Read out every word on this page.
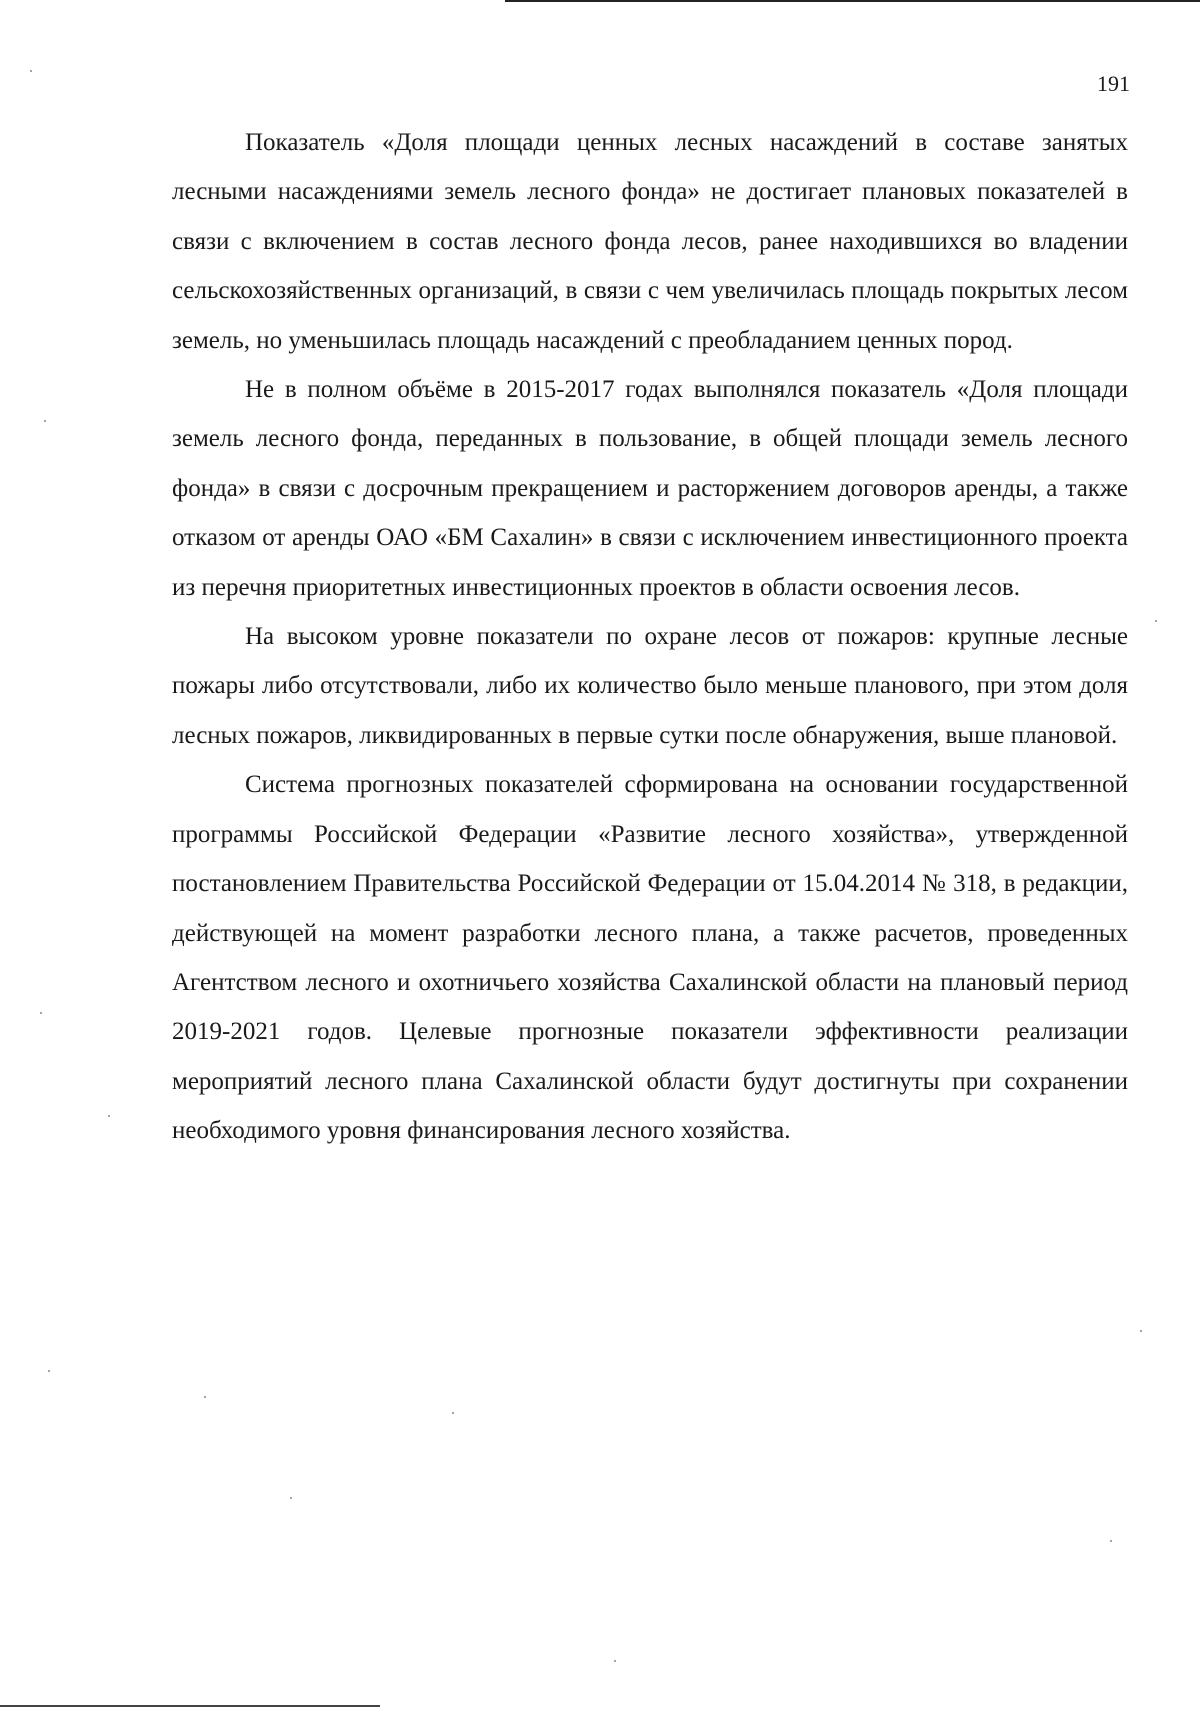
191

Показатель «Доля площади ценных лесных насаждений в составе занятых лесными насаждениями земель лесного фонда» не достигает плановых показателей в связи с включением в состав лесного фонда лесов, ранее находившихся во владении сельскохозяйственных организаций, в связи с чем увеличилась площадь покрытых лесом земель, но уменьшилась площадь насаждений с преобладанием ценных пород.

Не в полном объёме в 2015-2017 годах выполнялся показатель «Доля площади земель лесного фонда, переданных в пользование, в общей площади земель лесного фонда» в связи с досрочным прекращением и расторжением договоров аренды, а также отказом от аренды ОАО «БМ Сахалин» в связи с исключением инвестиционного проекта из перечня приоритетных инвестиционных проектов в области освоения лесов.

На высоком уровне показатели по охране лесов от пожаров: крупные лесные пожары либо отсутствовали, либо их количество было меньше планового, при этом доля лесных пожаров, ликвидированных в первые сутки после обнаружения, выше плановой.

Система прогнозных показателей сформирована на основании государственной программы Российской Федерации «Развитие лесного хозяйства», утвержденной постановлением Правительства Российской Федерации от 15.04.2014 № 318, в редакции, действующей на момент разработки лесного плана, а также расчетов, проведенных Агентством лесного и охотничьего хозяйства Сахалинской области на плановый период 2019-2021 годов. Целевые прогнозные показатели эффективности реализации мероприятий лесного плана Сахалинской области будут достигнуты при сохранении необходимого уровня финансирования лесного хозяйства.
